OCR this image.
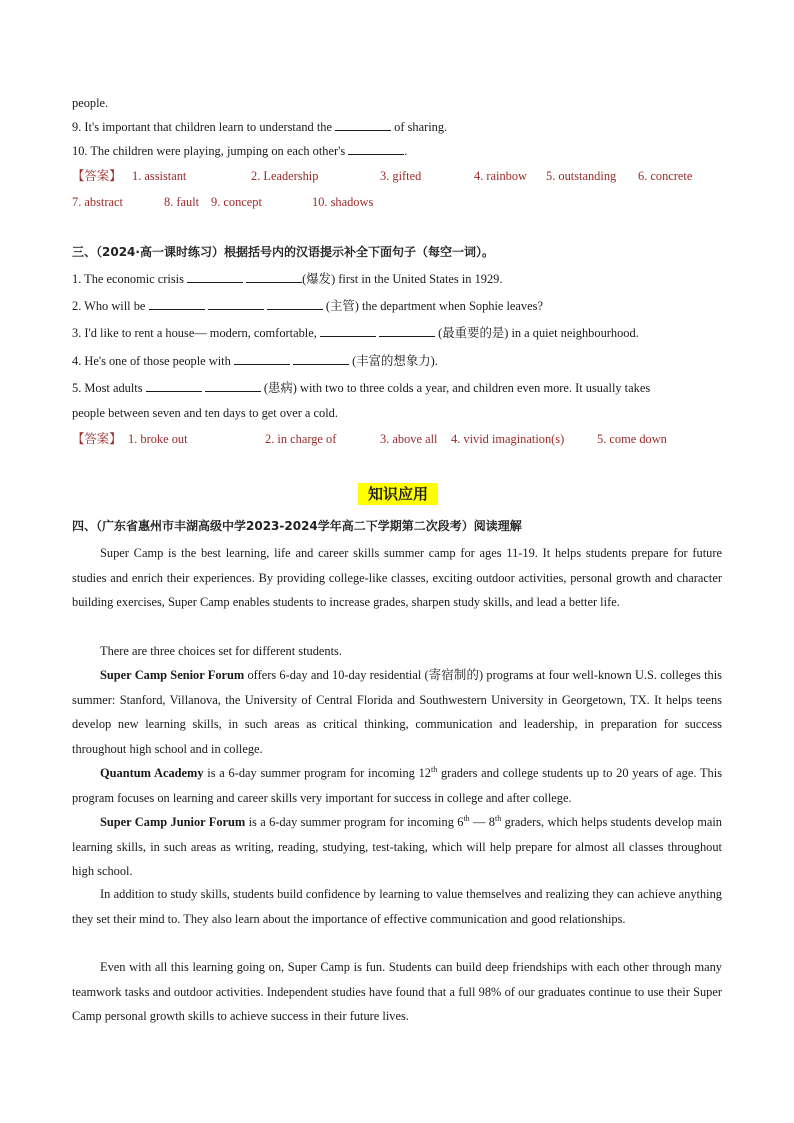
people.
9. It's important that children learn to understand the	of sharing.
10. The children were playing, jumping on each other's	.
【答案】 1. assistant	2. Leadership	3. gifted	4. rainbow 5. outstanding 6. concrete
7. abstract	8. fault 9. concept	10. shadows
三、（2024·高一课时练习）根据括号内的汉语提示补全下面句子（每空一词）。
1. The economic crisis	(爆发) first in the United States in 1929.
2. Who will be	(主管) the department when Sophie leaves?
3. I'd like to rent a house— modern, comfortable,	(最重要的是) in a quiet neighbourhood.
4. He's one of those people with	(丰富的想象力).
5. Most adults	(患病) with two to three colds a year, and children even more. It usually takes
people between seven and ten days to get over a cold.
【答案】 1. broke out	2. in charge of	3. above all 4. vivid imagination(s)	5. come down
知识应用
四、（广东省惠州市丰湖高级中学2023-2024学年高二下学期第二次段考）阅读理解
Super Camp is the best learning, life and career skills summer camp for ages 11-19. It helps students prepare for future studies and enrich their experiences. By providing college-like classes, exciting outdoor activities, personal growth and character building exercises, Super Camp enables students to increase grades, sharpen study skills, and lead a better life.
There are three choices set for different students.
Super Camp Senior Forum offers 6-day and 10-day residential (寄宿制的) programs at four well-known U.S. colleges this summer: Stanford, Villanova, the University of Central Florida and Southwestern University in Georgetown, TX. It helps teens develop new learning skills, in such areas as critical thinking, communication and leadership, in preparation for success throughout high school and in college.
Quantum Academy is a 6-day summer program for incoming 12th graders and college students up to 20 years of age. This program focuses on learning and career skills very important for success in college and after college.
Super Camp Junior Forum is a 6-day summer program for incoming 6th — 8th graders, which helps students develop main learning skills, in such areas as writing, reading, studying, test-taking, which will help prepare for almost all classes throughout high school.
In addition to study skills, students build confidence by learning to value themselves and realizing they can achieve anything they set their mind to. They also learn about the importance of effective communication and good relationships.
Even with all this learning going on, Super Camp is fun. Students can build deep friendships with each other through many teamwork tasks and outdoor activities. Independent studies have found that a full 98% of our graduates continue to use their Super Camp personal growth skills to achieve success in their future lives.
